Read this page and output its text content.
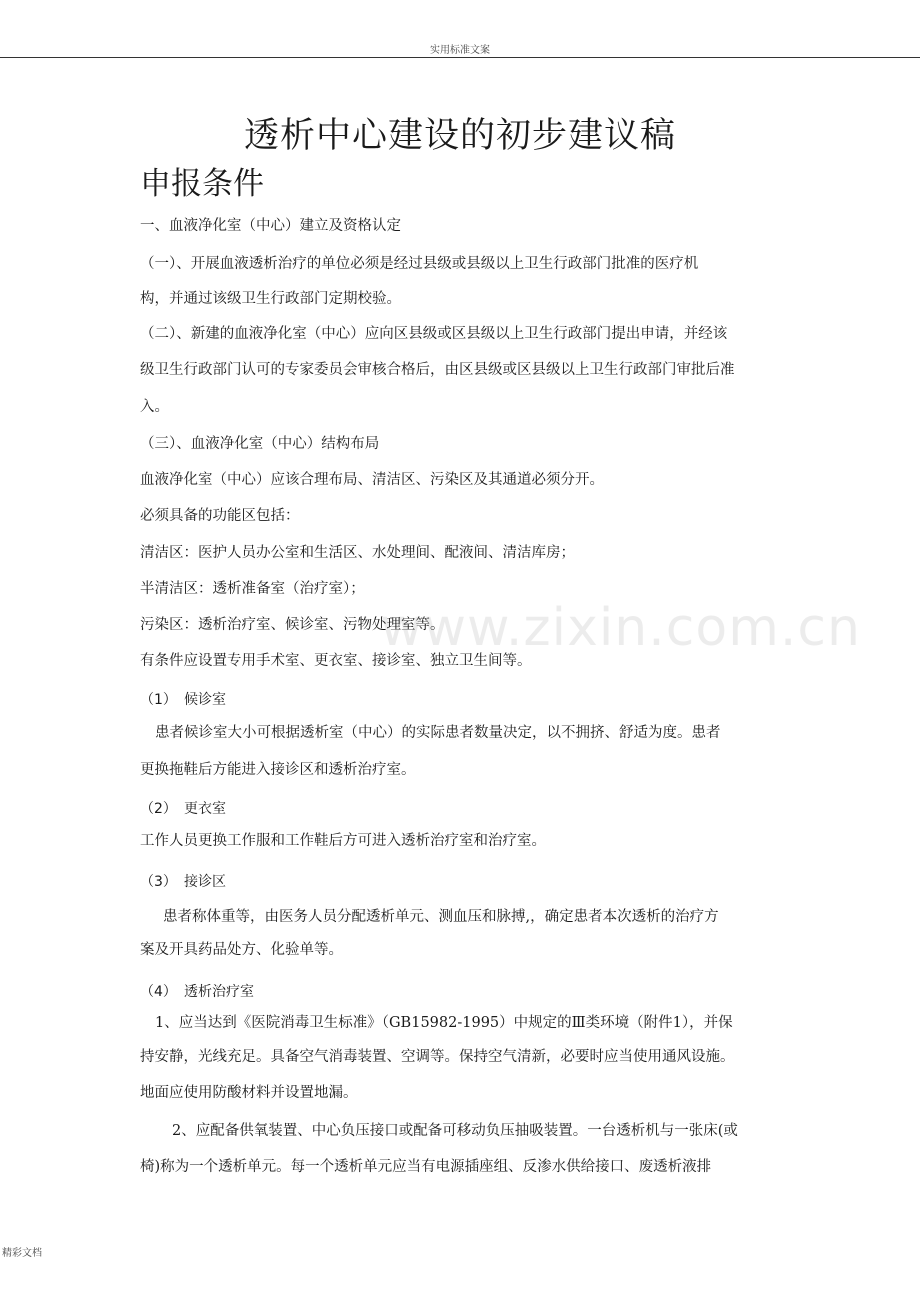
实用标准文案
透析中心建设的初步建议稿
申报条件
一、血液净化室（中心）建立及资格认定
（一）、开展血液透析治疗的单位必须是经过县级或县级以上卫生行政部门批准的医疗机
构，并通过该级卫生行政部门定期校验。
（二）、新建的血液净化室（中心）应向区县级或区县级以上卫生行政部门提出申请，并经该
级卫生行政部门认可的专家委员会审核合格后，由区县级或区县级以上卫生行政部门审批后准
入。
（三）、血液净化室（中心）结构布局
血液净化室（中心）应该合理布局、清洁区、污染区及其通道必须分开。
必须具备的功能区包括：
清洁区：医护人员办公室和生活区、水处理间、配液间、清洁库房；
半清洁区：透析准备室（治疗室）；
污染区：透析治疗室、候诊室、污物处理室等。
有条件应设置专用手术室、更衣室、接诊室、独立卫生间等。
（1） 候诊室
患者候诊室大小可根据透析室（中心）的实际患者数量决定，以不拥挤、舒适为度。患者
更换拖鞋后方能进入接诊区和透析治疗室。
（2） 更衣室
工作人员更换工作服和工作鞋后方可进入透析治疗室和治疗室。
（3） 接诊区
患者称体重等，由医务人员分配透析单元、测血压和脉搏,，确定患者本次透析的治疗方
案及开具药品处方、化验单等。
（4） 透析治疗室
1、应当达到《医院消毒卫生标准》（GB15982-1995）中规定的Ⅲ类环境（附件1），并保
持安静，光线充足。具备空气消毒装置、空调等。保持空气清新，必要时应当使用通风设施。
地面应使用防酸材料并设置地漏。
2、应配备供氧装置、中心负压接口或配备可移动负压抽吸装置。一台透析机与一张床(或
椅)称为一个透析单元。每一个透析单元应当有电源插座组、反渗水供给接口、废透析液排
www.zixin.com.cn
精彩文档
